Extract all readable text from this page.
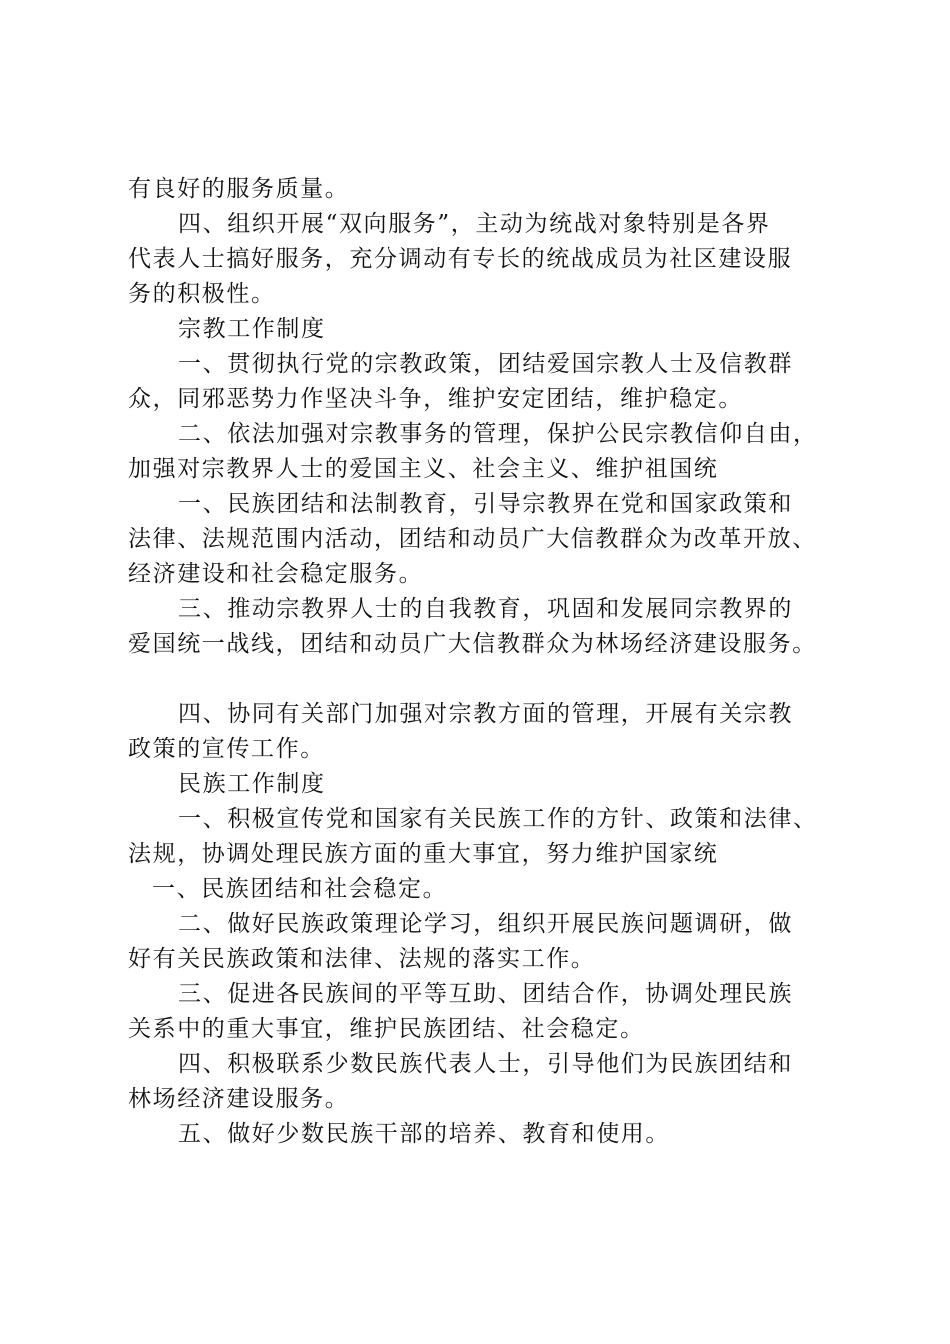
有良好的服务质量。
四、组织开展“双向服务”，主动为统战对象特别是各界
代表人士搞好服务，充分调动有专长的统战成员为社区建设服
务的积极性。
宗教工作制度
一、贯彻执行党的宗教政策，团结爱国宗教人士及信教群
众，同邪恶势力作坚决斗争，维护安定团结，维护稳定。
二、依法加强对宗教事务的管理，保护公民宗教信仰自由，
加强对宗教界人士的爱国主义、社会主义、维护祖国统
一、民族团结和法制教育，引导宗教界在党和国家政策和
法律、法规范围内活动，团结和动员广大信教群众为改革开放、
经济建设和社会稳定服务。
三、推动宗教界人士的自我教育，巩固和发展同宗教界的
爱国统一战线，团结和动员广大信教群众为林场经济建设服务。
四、协同有关部门加强对宗教方面的管理，开展有关宗教
政策的宣传工作。
民族工作制度
一、积极宣传党和国家有关民族工作的方针、政策和法律、
法规，协调处理民族方面的重大事宜，努力维护国家统
一、民族团结和社会稳定。
二、做好民族政策理论学习，组织开展民族问题调研，做
好有关民族政策和法律、法规的落实工作。
三、促进各民族间的平等互助、团结合作，协调处理民族
关系中的重大事宜，维护民族团结、社会稳定。
四、积极联系少数民族代表人士，引导他们为民族团结和
林场经济建设服务。
五、做好少数民族干部的培养、教育和使用。
